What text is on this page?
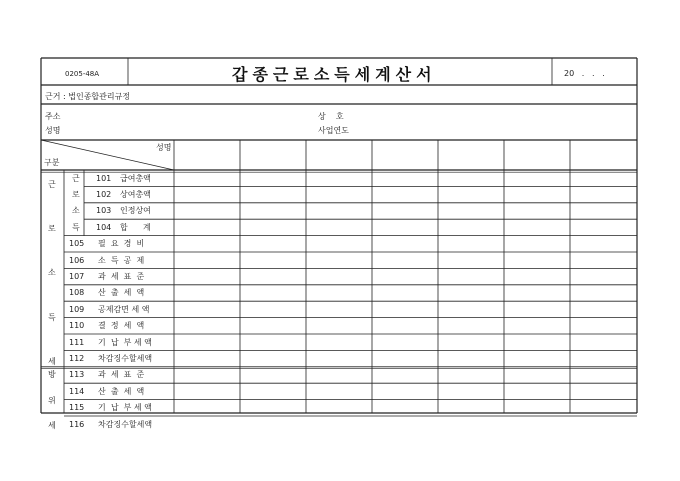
0205-48A	갑종근로소득세계산서	20   .   .   .
근거 : 법인종합관리규정
주소
성명
상    호
사업연도
성명
구분
101 급여총액
102 상여총액
103 인정상여
104 합      계
105 필  요  경  비
106 소  득  공  제
107 과  세  표  준
108 산  출  세  액
109 공제감면 세 액
110 결  정  세  액
111 기  납  부 세 액
112 차감징수할세액
113 과  세  표  준
114 산  출  세  액
115 기  납  부 세 액
116 차감징수할세액
근
로
소
득
세
방
위
세
근
로
소
득
